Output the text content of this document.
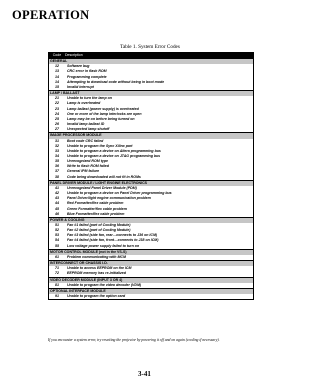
OPERATION
Table 1. System Error Codes
Code	Description
GENERAL	
12	Software bug
13	CRC error in flash ROM
14	Programming complete
14	Attempting to download code without being in boot mode
15	Invalid interrupt
LAMP / BALLAST	
21	Unable to turn the lamp on
22	Lamp is overheated
23	Lamp ballast (power supply) is overheated
24	One or more of the lamp interlocks are open
25	Lamp may be on before being turned on
26	Invalid lamp ballast ID
27	Unexpected lamp shutoff
IMAGE PROCESSOR MODULE	
31	Boot code CRC failed
32	Unable to program the Sync Xilinx part
33	Unable to program a device on Altera programming bus
34	Unable to program a device on JTAG programming bus
35	Unrecognized ROM type
36	Write to flash ROM failed
37	General IPM failure
38	Code being downloaded will not fit in ROMs
PANEL DRIVER MODULE / LIGHT ENGINE ELECTRONICS	
41	Unrecognized Panel Driver Module (PDM)
42	Unable to program a device on Panel Driver programming bus
43	Panel Driver/light engine communication problem
44	Red Formatter/flex cable problem
45	Green Formatter/flex cable problem
46	Blue Formatter/flex cable problem
POWER & COOLING	
51	Fan #1 failed (part of Cooling Module)
52	Fan #2 failed (part of Cooling Module)
53	Fan #3 failed (side fan, rear—connects to J36 on ICM)
54	Fan #4 failed (side fan, front—connects to J38 on ICM)
55	Low voltage power supply failed to turn on
MOTOR CONTROL MODULE (not in the VS-S)	
61	Problem communicating with MCM
INTERCONNECT OR CHASSIS I.D.	
71	Unable to access EEPROM on the ICM
72	EEPROM memory has re-initialized
VIDEO DECODER MODULE (INPUT 3 OR 4)	
81	Unable to program the video decoder (VDM)
OPTIONAL INTERFACE MODULE	
91	Unable to program the option card
If you encounter a system error, try resetting the projector by powering it off and on again (cooling if necessary).
3-41
